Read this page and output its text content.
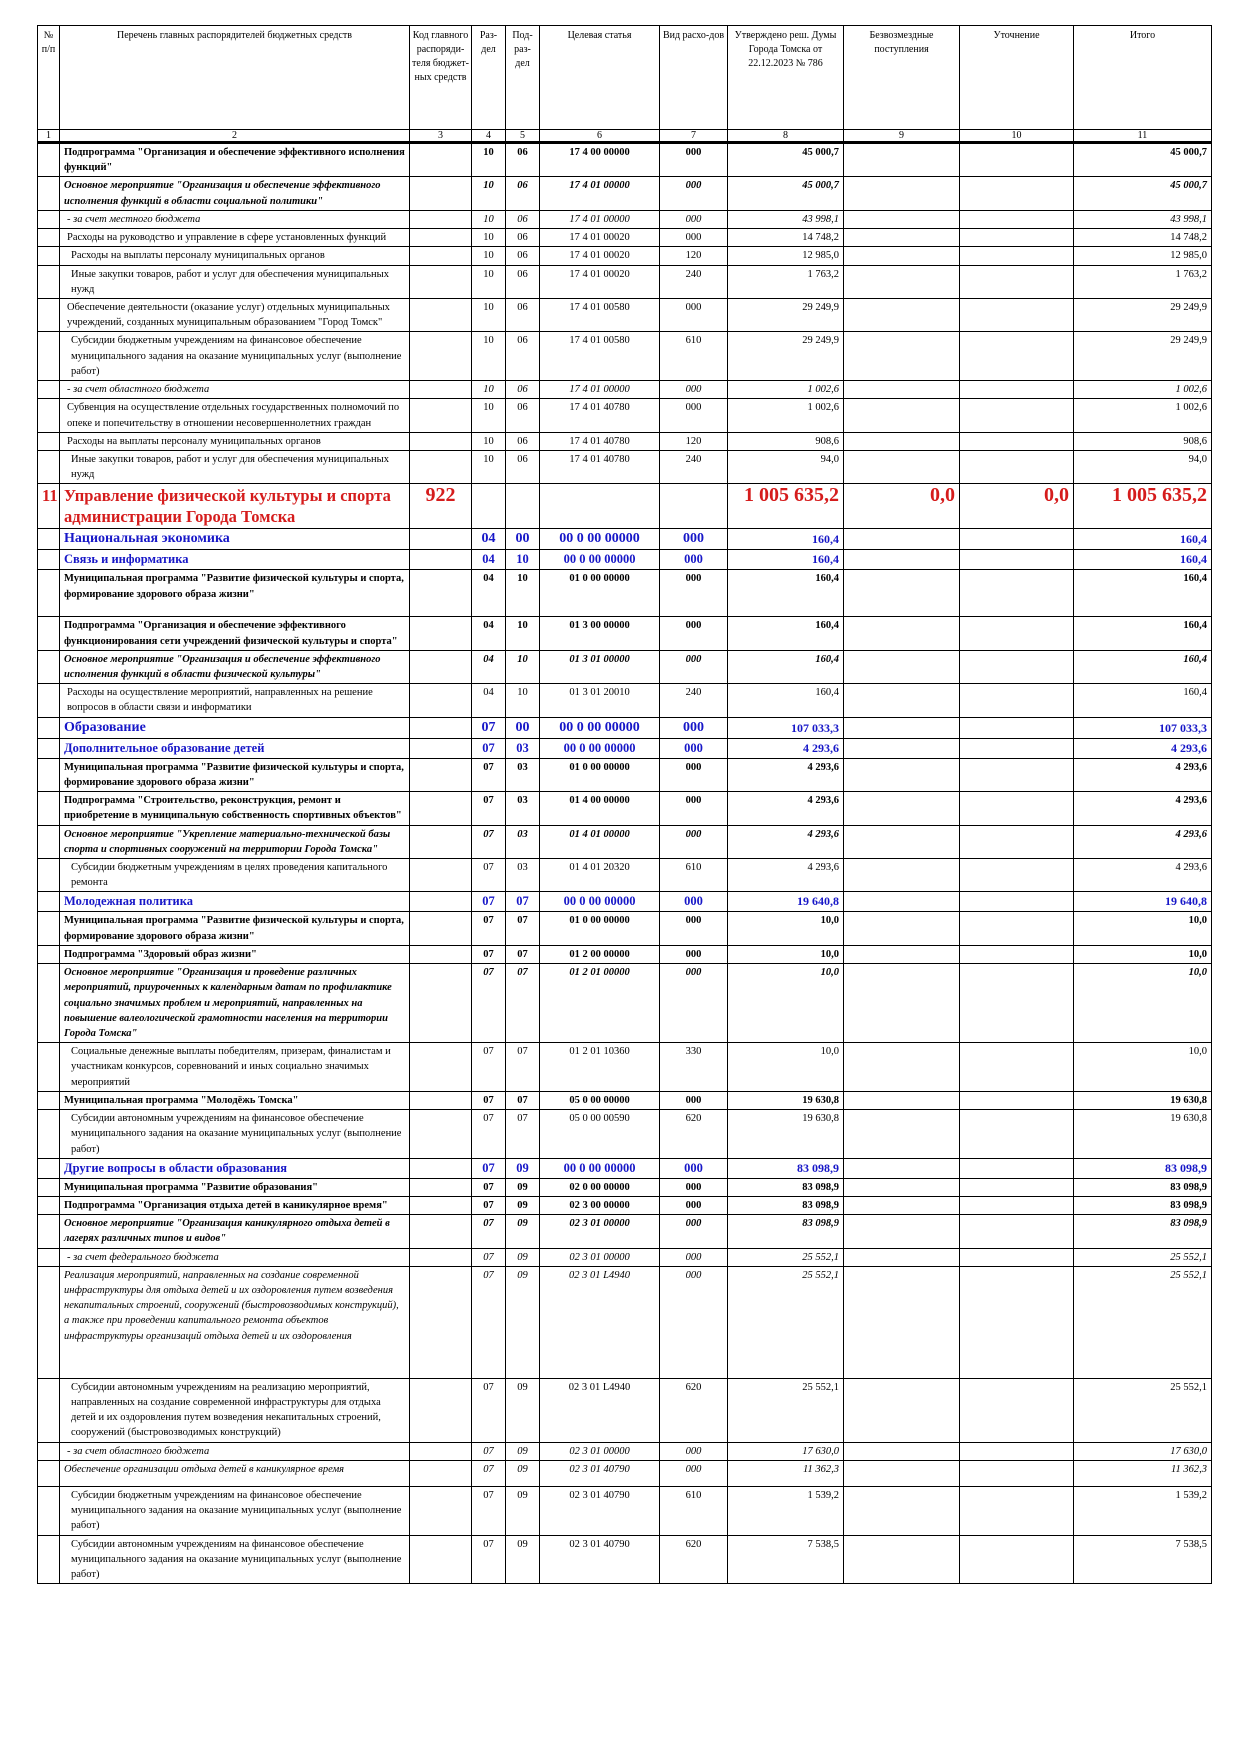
№ п/п	Перечень главных распорядителей бюджетных средств	Код главного распоряди-теля бюджет-ных средств	Раз-дел	Под-раз-дел	Целевая статья	Вид расхо-дов	Утверждено реш. Думы Города Томска от 22.12.2023 № 786	Безвозмездные поступления	Уточнение	Итого
1	2	3	4	5	6	7	8	9	10	11
	Подпрограмма "Организация и обеспечение эффективного исполнения функций"		10	06	17 4 00 00000	000	45 000,7			45 000,7
	Основное мероприятие "Организация и обеспечение эффективного исполнения функций в области социальной политики"		10	06	17 4 01 00000	000	45 000,7			45 000,7
	- за счет местного бюджета		10	06	17 4 01 00000	000	43 998,1			43 998,1
	Расходы на руководство и управление в сфере установленных функций		10	06	17 4 01 00020	000	14 748,2			14 748,2
	Расходы на выплаты персоналу муниципальных органов		10	06	17 4 01 00020	120	12 985,0			12 985,0
	Иные закупки товаров, работ и услуг для обеспечения муниципальных нужд		10	06	17 4 01 00020	240	1 763,2			1 763,2
	Обеспечение деятельности (оказание услуг) отдельных муниципальных учреждений, созданных муниципальным образованием "Город Томск"		10	06	17 4 01 00580	000	29 249,9			29 249,9
	Субсидии бюджетным учреждениям на финансовое обеспечение муниципального задания на оказание муниципальных услуг (выполнение работ)		10	06	17 4 01 00580	610	29 249,9			29 249,9
	- за счет областного бюджета		10	06	17 4 01 00000	000	1 002,6			1 002,6
	Субвенция на осуществление отдельных государственных полномочий по опеке и попечительству в отношении несовершеннолетних граждан		10	06	17 4 01 40780	000	1 002,6			1 002,6
	Расходы на выплаты персоналу муниципальных органов		10	06	17 4 01 40780	120	908,6			908,6
	Иные закупки товаров, работ и услуг для обеспечения муниципальных нужд		10	06	17 4 01 40780	240	94,0			94,0
11	Управление физической культуры и спорта администрации Города Томска	922					1 005 635,2	0,0	0,0	1 005 635,2
	Национальная экономика		04	00	00 0 00 00000	000	160,4			160,4
	Связь и информатика		04	10	00 0 00 00000	000	160,4			160,4
	Муниципальная программа "Развитие физической культуры и спорта, формирование здорового образа жизни"		04	10	01 0 00 00000	000	160,4			160,4
	Подпрограмма "Организация и обеспечение эффективного функционирования сети учреждений физической культуры и спорта"		04	10	01 3 00 00000	000	160,4			160,4
	Основное мероприятие "Организация и обеспечение эффективного исполнения функций в области физической культуры"		04	10	01 3 01 00000	000	160,4			160,4
	Расходы на осуществление мероприятий, направленных на решение вопросов в области связи и информатики		04	10	01 3 01 20010	240	160,4			160,4
	Образование		07	00	00 0 00 00000	000	107 033,3			107 033,3
	Дополнительное образование детей		07	03	00 0 00 00000	000	4 293,6			4 293,6
	Муниципальная программа "Развитие физической культуры и спорта, формирование здорового образа жизни"		07	03	01 0 00 00000	000	4 293,6			4 293,6
	Подпрограмма "Строительство, реконструкция, ремонт и приобретение в муниципальную собственность спортивных объектов"		07	03	01 4 00 00000	000	4 293,6			4 293,6
	Основное мероприятие "Укрепление материально-технической базы спорта и спортивных сооружений на территории Города Томска"		07	03	01 4 01 00000	000	4 293,6			4 293,6
	Субсидии бюджетным учреждениям в целях проведения капитального ремонта		07	03	01 4 01 20320	610	4 293,6			4 293,6
	Молодежная политика		07	07	00 0 00 00000	000	19 640,8			19 640,8
	Муниципальная программа "Развитие физической культуры и спорта, формирование здорового образа жизни"		07	07	01 0 00 00000	000	10,0			10,0
	Подпрограмма "Здоровый образ жизни"		07	07	01 2 00 00000	000	10,0			10,0
	Основное мероприятие "Организация и проведение различных мероприятий, приуроченных к календарным датам по профилактике социально значимых проблем и мероприятий, направленных на повышение валеологической грамотности населения на территории Города Томска"		07	07	01 2 01 00000	000	10,0			10,0
	Социальные денежные выплаты победителям, призерам, финалистам и участникам конкурсов, соревнований и иных социально значимых мероприятий		07	07	01 2 01 10360	330	10,0			10,0
	Муниципальная программа "Молодёжь Томска"		07	07	05 0 00 00000	000	19 630,8			19 630,8
	Субсидии автономным учреждениям на финансовое обеспечение муниципального задания на оказание муниципальных услуг (выполнение работ)		07	07	05 0 00 00590	620	19 630,8			19 630,8
	Другие вопросы в области образования		07	09	00 0 00 00000	000	83 098,9			83 098,9
	Муниципальная программа "Развитие образования"		07	09	02 0 00 00000	000	83 098,9			83 098,9
	Подпрограмма "Организация отдыха детей в каникулярное время"		07	09	02 3 00 00000	000	83 098,9			83 098,9
	Основное мероприятие "Организация каникулярного отдыха детей в лагерях различных типов и видов"		07	09	02 3 01 00000	000	83 098,9			83 098,9
	- за счет федерального бюджета		07	09	02 3 01 00000	000	25 552,1			25 552,1
	Реализация мероприятий, направленных на создание современной инфраструктуры для отдыха детей и их оздоровления путем возведения некапитальных строений, сооружений (быстровозводимых конструкций), а также при проведении капитального ремонта объектов инфраструктуры организаций отдыха детей и их оздоровления		07	09	02 3 01 L4940	000	25 552,1			25 552,1
	Субсидии автономным учреждениям на реализацию мероприятий, направленных на создание современной инфраструктуры для отдыха детей и их оздоровления путем возведения некапитальных строений, сооружений (быстровозводимых конструкций)		07	09	02 3 01 L4940	620	25 552,1			25 552,1
	- за счет областного бюджета		07	09	02 3 01 00000	000	17 630,0			17 630,0
	Обеспечение организации отдыха детей в каникулярное время		07	09	02 3 01 40790	000	11 362,3			11 362,3
	Субсидии бюджетным учреждениям на финансовое обеспечение муниципального задания на оказание муниципальных услуг (выполнение работ)		07	09	02 3 01 40790	610	1 539,2			1 539,2
	Субсидии автономным учреждениям на финансовое обеспечение муниципального задания на оказание муниципальных услуг (выполнение работ)		07	09	02 3 01 40790	620	7 538,5			7 538,5
